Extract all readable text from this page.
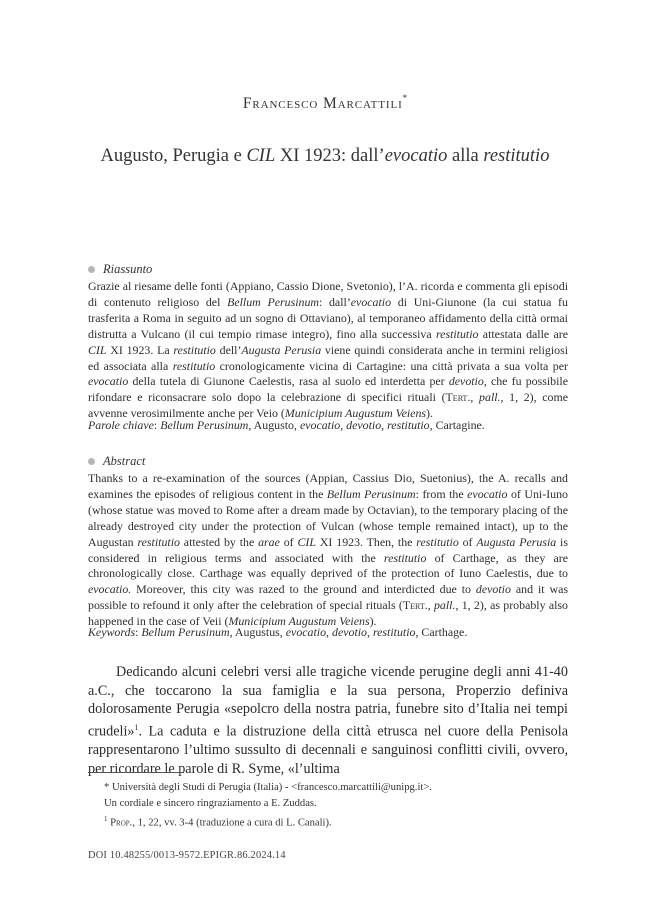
Francesco Marcattili*
Augusto, Perugia e CIL XI 1923: dall’evocatio alla restitutio
Riassunto
Grazie al riesame delle fonti (Appiano, Cassio Dione, Svetonio), l’A. ricorda e commenta gli episodi di contenuto religioso del Bellum Perusinum: dall’evocatio di Uni-Giunone (la cui statua fu trasferita a Roma in seguito ad un sogno di Ottaviano), al temporaneo affidamento della città ormai distrutta a Vulcano (il cui tempio rimase integro), fino alla successiva restitutio attestata dalle are CIL XI 1923. La restitutio dell’Augusta Perusia viene quindi considerata anche in termini religiosi ed associata alla restitutio cronologicamente vicina di Cartagine: una città privata a sua volta per evocatio della tutela di Giunone Caelestis, rasa al suolo ed interdetta per devotio, che fu possibile rifondare e riconsacrare solo dopo la celebrazione di specifici rituali (Tert., pall., 1, 2), come avvenne verosimilmente anche per Veio (Municipium Augustum Veiens).
Parole chiave: Bellum Perusinum, Augusto, evocatio, devotio, restitutio, Cartagine.
Abstract
Thanks to a re-examination of the sources (Appian, Cassius Dio, Suetonius), the A. recalls and examines the episodes of religious content in the Bellum Perusinum: from the evocatio of Uni-Iuno (whose statue was moved to Rome after a dream made by Octavian), to the temporary placing of the already destroyed city under the protection of Vulcan (whose temple remained intact), up to the Augustan restitutio attested by the arae of CIL XI 1923. Then, the restitutio of Augusta Perusia is considered in religious terms and associated with the restitutio of Carthage, as they are chronologically close. Carthage was equally deprived of the protection of Iuno Caelestis, due to evocatio. Moreover, this city was razed to the ground and interdicted due to devotio and it was possible to refound it only after the celebration of special rituals (Tert., pall., 1, 2), as probably also happened in the case of Veii (Municipium Augustum Veiens).
Keywords: Bellum Perusinum, Augustus, evocatio, devotio, restitutio, Carthage.
Dedicando alcuni celebri versi alle tragiche vicende perugine degli anni 41-40 a.C., che toccarono la sua famiglia e la sua persona, Properzio definiva dolorosamente Perugia «sepolcro della nostra patria, funebre sito d’Italia nei tempi crudeli»$^1$. La caduta e la distruzione della città etrusca nel cuore della Penisola rappresentarono l’ultimo sussulto di decennali e sanguinosi conflitti civili, ovvero, per ricordare le parole di R. Syme, «l’ultima
* Università degli Studi di Perugia (Italia) - <francesco.marcattili@unipg.it>.
Un cordiale e sincero ringraziamento a E. Zuddas.
$^1$ Prop., 1, 22, vv. 3-4 (traduzione a cura di L. Canali).
DOI 10.48255/0013-9572.EPIGR.86.2024.14
